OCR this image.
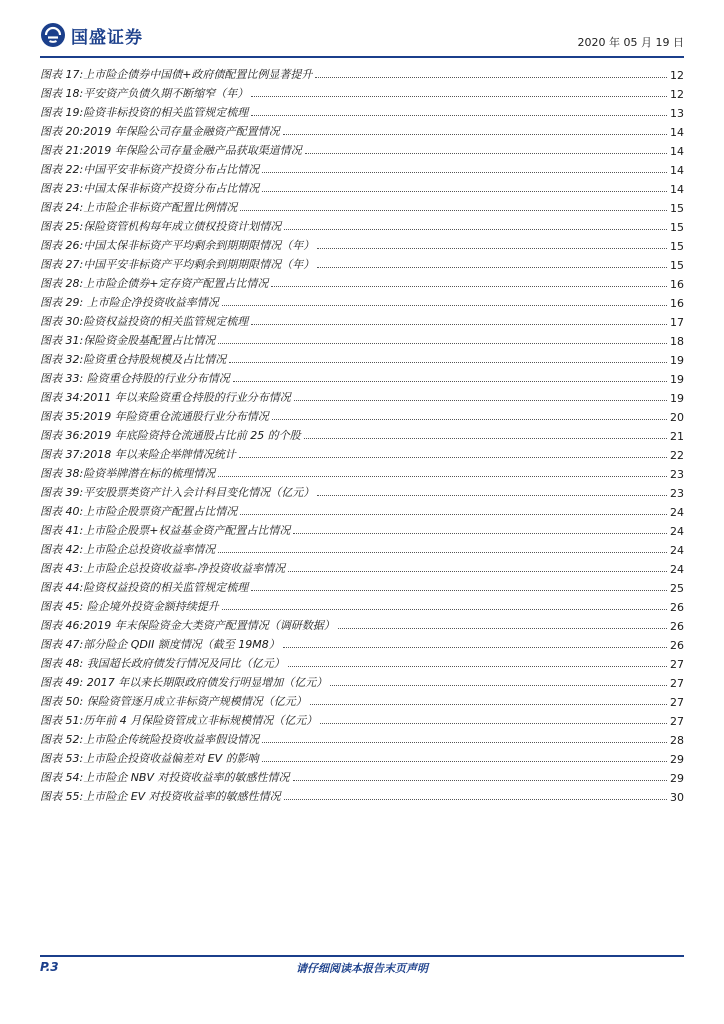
国盛证券	2020 年 05 月 19 日
图表 17: 上市险企债券中国债+政府债配置比例显著提升	12
图表 18: 平安资产负债久期不断缩窄（年）	12
图表 19: 险资非标投资的相关监管规定梳理	13
图表 20: 2019 年保险公司存量金融资产配置情况	14
图表 21: 2019 年保险公司存量金融产品获取渠道情况	14
图表 22: 中国平安非标资产投资分布占比情况	14
图表 23: 中国太保非标资产投资分布占比情况	14
图表 24: 上市险企非标资产配置比例情况	15
图表 25: 保险资管机构每年成立债权投资计划情况	15
图表 26: 中国太保非标资产平均剩余到期期限情况（年）	15
图表 27: 中国平安非标资产平均剩余到期期限情况（年）	15
图表 28: 上市险企债券+定存资产配置占比情况	16
图表 29: 上市险企净投资收益率情况	16
图表 30: 险资权益投资的相关监管规定梳理	17
图表 31: 保险资金股基配置占比情况	18
图表 32: 险资重仓持股规模及占比情况	19
图表 33: 险资重仓持股的行业分布情况	19
图表 34: 2011 年以来险资重仓持股的行业分布情况	19
图表 35: 2019 年险资重仓流通股行业分布情况	20
图表 36: 2019 年底险资持仓流通股占比前 25 的个股	21
图表 37: 2018 年以来险企举牌情况统计	22
图表 38: 险资举牌潜在标的梳理情况	23
图表 39: 平安股票类资产计入会计科目变化情况（亿元）	23
图表 40: 上市险企股票资产配置占比情况	24
图表 41: 上市险企股票+权益基金资产配置占比情况	24
图表 42: 上市险企总投资收益率情况	24
图表 43: 上市险企总投资收益率-净投资收益率情况	24
图表 44: 险资权益投资的相关监管规定梳理	25
图表 45: 险企境外投资金额持续提升	26
图表 46: 2019 年末保险资金大类资产配置情况（调研数据）	26
图表 47: 部分险企 QDII 额度情况（截至 19M8）	26
图表 48: 我国超长政府债发行情况及同比（亿元）	27
图表 49: 2017 年以来长期限政府债发行明显增加（亿元）	27
图表 50: 保险资管逐月成立非标资产规模情况（亿元）	27
图表 51: 历年前 4 月保险资管成立非标规模情况（亿元）	27
图表 52: 上市险企传统险投资收益率假设情况	28
图表 53: 上市险企投资收益偏差对 EV 的影响	29
图表 54: 上市险企 NBV 对投资收益率的敏感性情况	29
图表 55: 上市险企 EV 对投资收益率的敏感性情况	30
P.3	请仔细阅读本报告末页声明
